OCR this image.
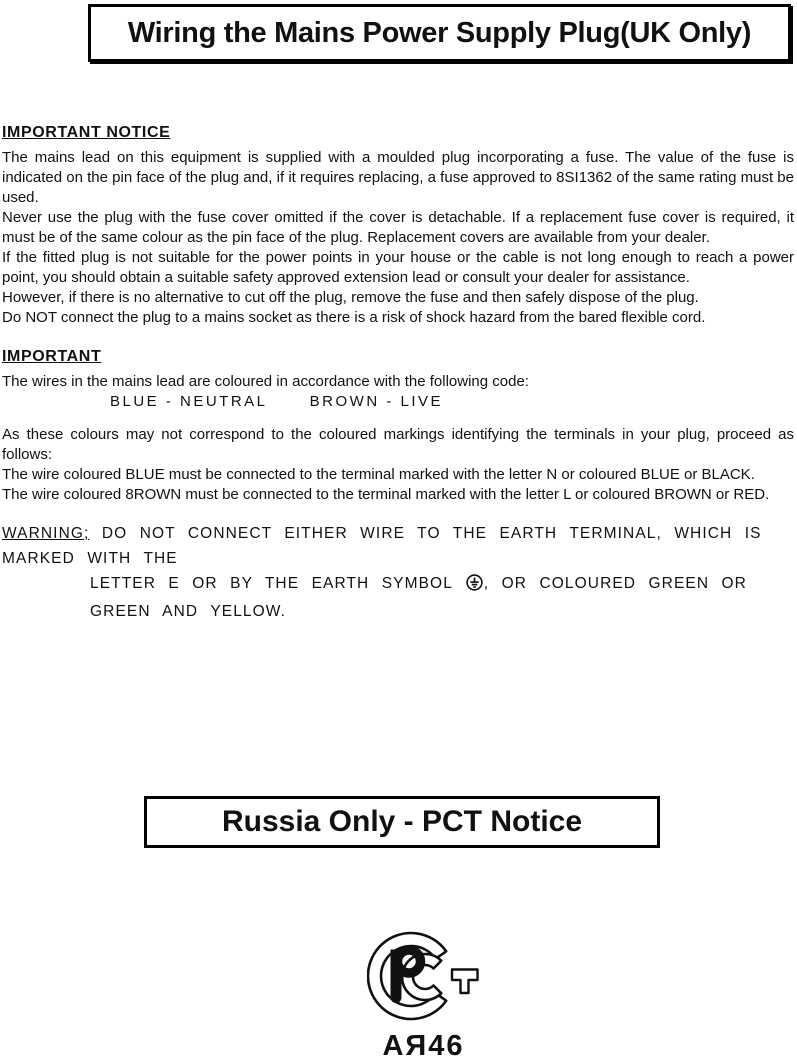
Wiring the Mains Power Supply Plug(UK Only)
IMPORTANT NOTICE

The mains lead on this equipment is supplied with a moulded plug incorporating a fuse. The value of the fuse is indicated on the pin face of the plug and, if it requires replacing, a fuse approved to 8SI1362 of the same rating must be used.

Never use the plug with the fuse cover omitted if the cover is detachable. If a replacement fuse cover is required, it must be of the same colour as the pin face of the plug. Replacement covers are available from your dealer.

If the fitted plug is not suitable for the power points in your house or the cable is not long enough to reach a power point, you should obtain a suitable safety approved extension lead or consult your dealer for assistance.

However, if there is no alternative to cut off the plug, remove the fuse and then safely dispose of the plug.

Do NOT connect the plug to a mains socket as there is a risk of shock hazard from the bared flexible cord.

IMPORTANT

The wires in the mains lead are coloured in accordance with the following code:

BLUE - NEUTRAL	BROWN - LIVE

As these colours may not correspond to the coloured markings identifying the terminals in your plug, proceed as follows:

The wire coloured BLUE must be connected to the terminal marked with the letter N or coloured BLUE or BLACK.

The wire coloured 8ROWN must be connected to the terminal marked with the letter L or coloured BROWN or RED.

WARNING; DO NOT CONNECT EITHER WIRE TO THE EARTH TERMINAL, WHICH IS MARKED WITH THE
LETTER E OR BY THE EARTH SYMBOL , OR COLOURED GREEN OR GREEN AND YELLOW.
Russia Only - PCT Notice
АЯ46
